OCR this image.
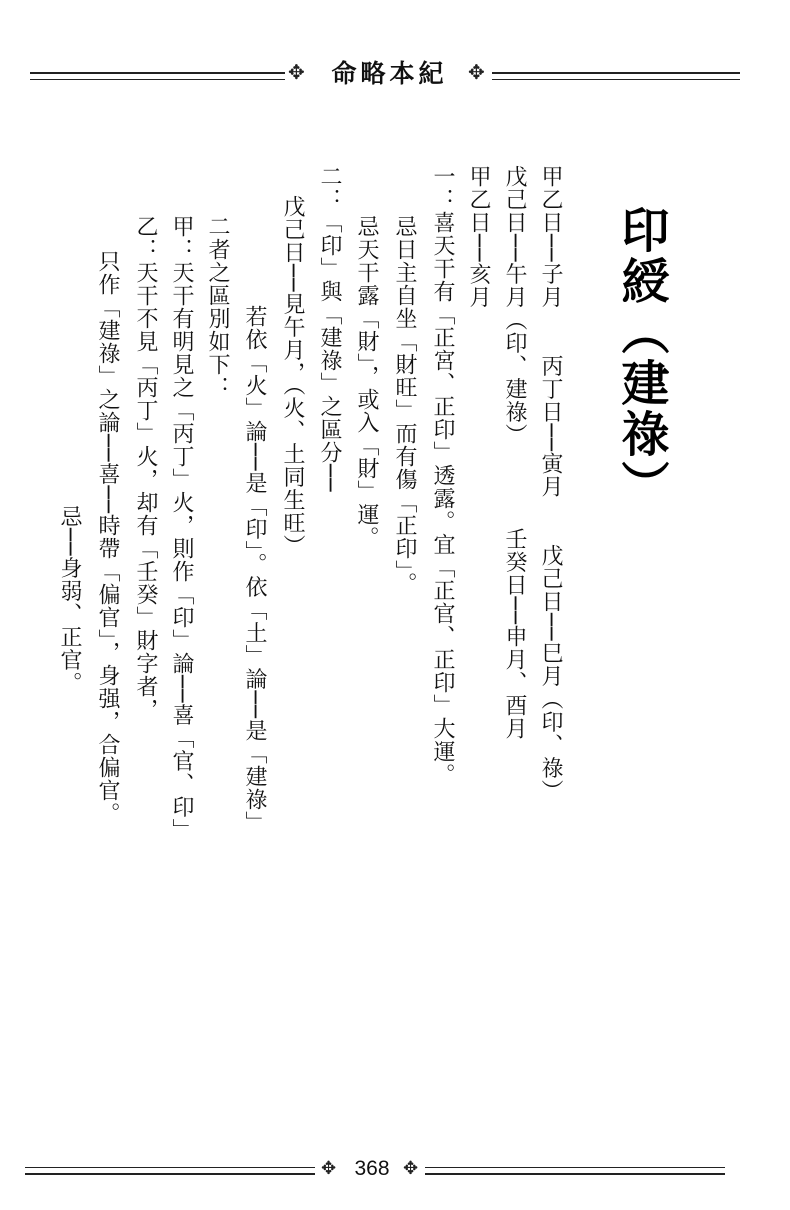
✥	命略本紀	✥
印綬（建祿）
甲乙日──子月　　丙丁日──寅月　　戊己日──巳月（印、祿）
戊己日──午月（印、建祿）　　　　壬癸日──申月、酉月
甲乙日──亥月
一：喜天干有「正宮、正印」透露。宜「正官、正印」大運。
忌日主自坐「財旺」而有傷「正印」。
忌天干露「財」，或入「財」運。
二：「印」與「建祿」之區分──
戊己日──見午月，（火、土同生旺）
若依「火」論──是「印」。依「土」論──是「建祿」
二者之區別如下：
甲：天干有明見之「丙丁」火，則作「印」論──喜「官、印」
乙：天干不見「丙丁」火，却有「壬癸」財字者，
只作「建祿」之論──喜──時帶「偏官」，身强，合偏官。
忌──身弱、正官。
✥ 368 ✥
